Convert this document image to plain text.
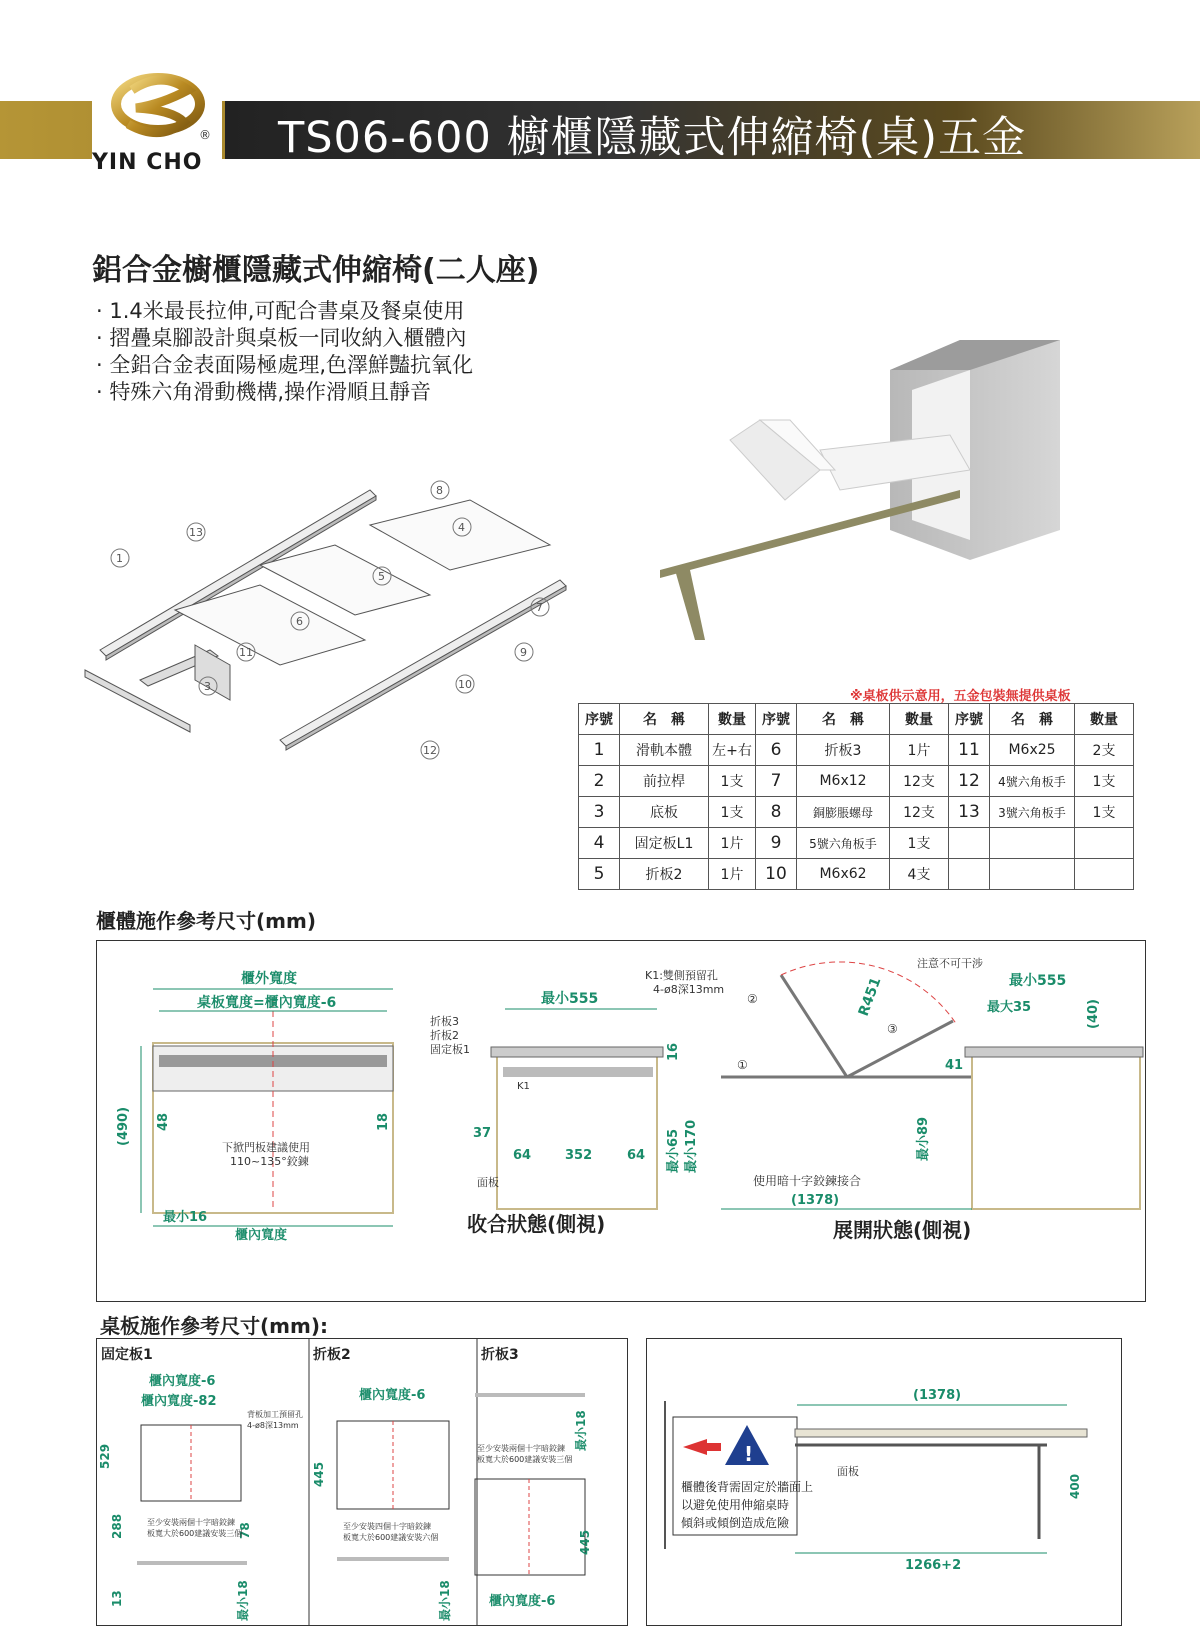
TS06-600 櫥櫃隱藏式伸縮椅(桌)五金
YIN CHO
®
鋁合金櫥櫃隱藏式伸縮椅(二人座)
· 1.4米最長拉伸,可配合書桌及餐桌使用
· 摺疊桌腳設計與桌板一同收納入櫃體內
· 全鋁合金表面陽極處理,色澤鮮豔抗氧化
· 特殊六角滑動機構,操作滑順且靜音
1
3
4
5
6
7
8
9
10
11
12
13
※桌板供示意用，五金包裝無提供桌板
序號	名　稱	數量	序號	名　稱	數量	序號	名　稱	數量
1	滑軌本體	左+右	6	折板3	1片	11	M6x25	2支
2	前拉桿	1支	7	M6x12	12支	12	4號六角板手	1支
3	底板	1支	8	銅膨脹螺母	12支	13	3號六角板手	1支
4	固定板L1	1片	9	5號六角板手	1支			
5	折板2	1片	10	M6x62	4支			
櫃體施作參考尺寸(mm)
櫃外寬度
桌板寬度=櫃內寬度-6
折板3
折板2
固定板1
(490) 48	18
下掀門板建議使用
110~135°鉸鍊
最小16
櫃內寬度
最小555
K1:雙側預留孔
4-ø8深13mm
K1
16
37
64	352	64 最小65 最小170
面板
收合狀態(側視)
注意不可干涉
R451	最小555
最大35	(40)
41
最小89
①
②
③
使用暗十字鉸鍊接合
(1378)
展開狀態(側視)
桌板施作參考尺寸(mm):
固定板1
櫃內寬度-6
櫃內寬度-82
背板加工預留孔
4-ø8深13mm
529
288	78
至少安裝兩個十字暗鉸鍊
板寬大於600建議安裝三個
13	最小18
折板2
櫃內寬度-6
445
至少安裝四個十字暗鉸鍊
板寬大於600建議安裝六個
最小18
折板3
最小18
至少安裝兩個十字暗鉸鍊
板寬大於600建議安裝三個
445
櫃內寬度-6
!
櫃體後背需固定於牆面上
以避免使用伸縮桌時
傾斜或傾倒造成危險
(1378)
面板
400
1266+2
